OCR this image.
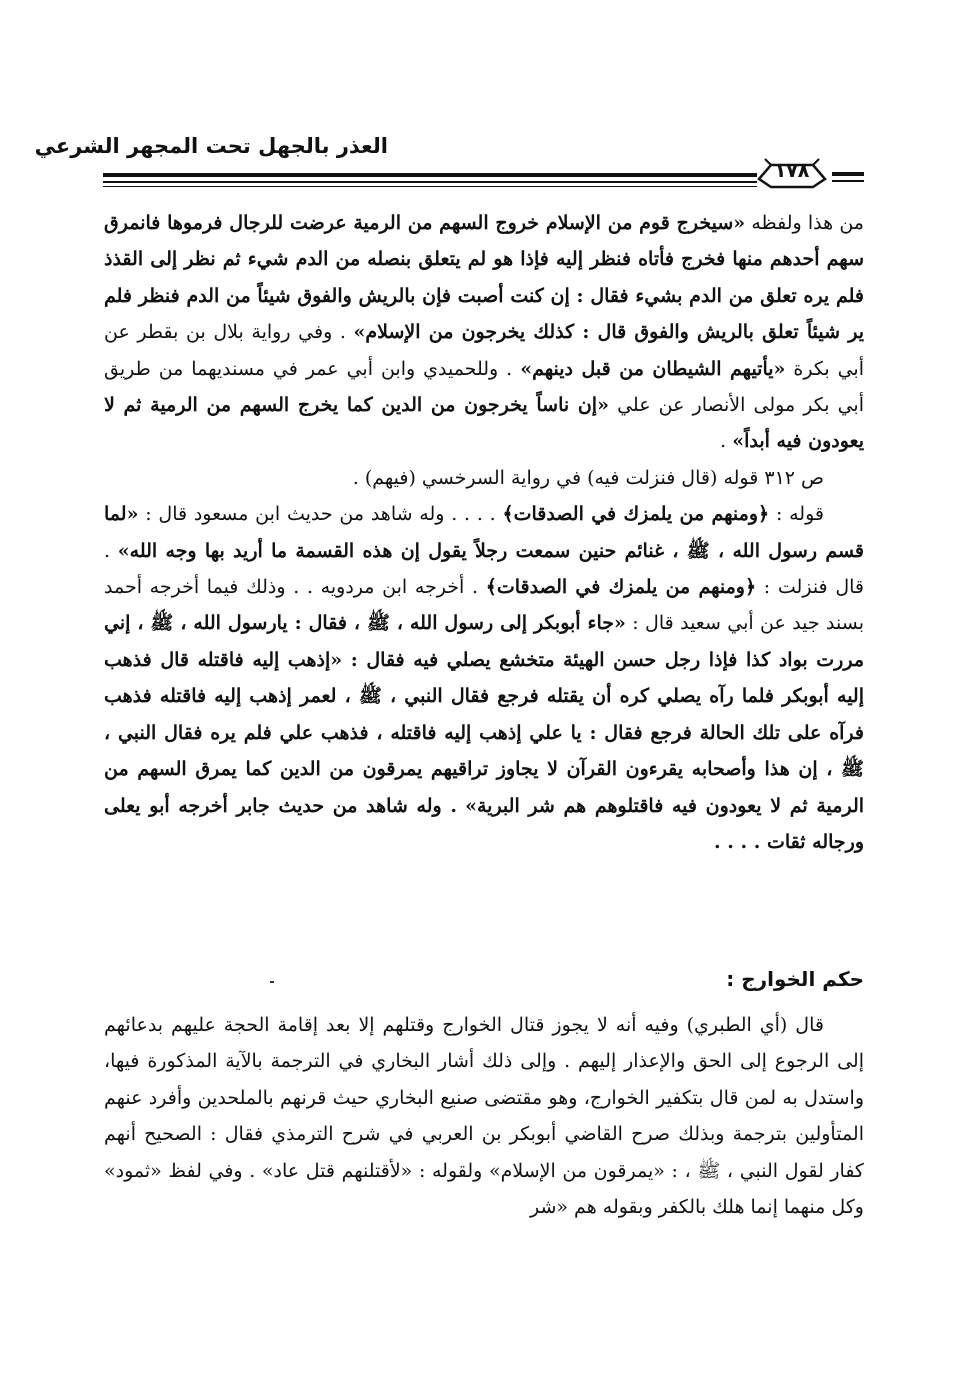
العذر بالجهل تحت المجهر الشرعي
١٧٨

من هذا ولفظه «سيخرج قوم من الإسلام خروج السهم من الرمية عرضت للرجال فرموها فانمرق سهم أحدهم منها فخرج فأتاه فنظر إليه فإذا هو لم يتعلق بنصله من الدم شيء ثم نظر إلى القذذ فلم يره تعلق من الدم بشيء فقال : إن كنت أصبت فإن بالريش والفوق شيئاً من الدم فنظر فلم ير شيئاً تعلق بالريش والفوق قال : كذلك يخرجون من الإسلام» . وفي رواية بلال بن بقطر عن أبي بكرة «يأتيهم الشيطان من قبل دينهم» . وللحميدي وابن أبي عمر في مسنديهما من طريق أبي بكر مولى الأنصار عن علي «إن ناساً يخرجون من الدين كما يخرج السهم من الرمية ثم لا يعودون فيه أبداً» .

ص ٣١٢ قوله (قال فنزلت فيه) في رواية السرخسي (فيهم) .

قوله : ﴿ومنهم من يلمزك في الصدقات﴾ . . . . وله شاهد من حديث ابن مسعود قال : «لما قسم رسول الله ، ﷺ ، غنائم حنين سمعت رجلاً يقول إن هذه القسمة ما أريد بها وجه الله» . قال فنزلت : ﴿ومنهم من يلمزك في الصدقات﴾ . أخرجه ابن مردويه . . وذلك فيما أخرجه أحمد بسند جيد عن أبي سعيد قال : «جاء أبوبكر إلى رسول الله ، ﷺ ، فقال : يارسول الله ، ﷺ ، إني مررت بواد كذا فإذا رجل حسن الهيئة متخشع يصلي فيه فقال : «إذهب إليه فاقتله قال فذهب إليه أبوبكر فلما رآه يصلي كره أن يقتله فرجع فقال النبي ، ﷺ ، لعمر إذهب إليه فاقتله فذهب فرآه على تلك الحالة فرجع فقال : يا علي إذهب إليه فاقتله ، فذهب علي فلم يره فقال النبي ، ﷺ ، إن هذا وأصحابه يقرءون القرآن لا يجاوز تراقيهم يمرقون من الدين كما يمرق السهم من الرمية ثم لا يعودون فيه فاقتلوهم هم شر البرية» . وله شاهد من حديث جابر أخرجه أبو يعلى ورجاله ثقات . . . .

حكم الخوارج :

قال (أي الطبري) وفيه أنه لا يجوز قتال الخوارج وقتلهم إلا بعد إقامة الحجة عليهم بدعائهم إلى الرجوع إلى الحق والإعذار إليهم . وإلى ذلك أشار البخاري في الترجمة بالآية المذكورة فيها، واستدل به لمن قال بتكفير الخوارج، وهو مقتضى صنيع البخاري حيث قرنهم بالملحدين وأفرد عنهم المتأولين بترجمة وبذلك صرح القاضي أبوبكر بن العربي في شرح الترمذي فقال : الصحيح أنهم كفار لقول النبي ، ﷺ ، : «يمرقون من الإسلام» ولقوله : «لأقتلنهم قتل عاد» . وفي لفظ «ثمود» وكل منهما إنما هلك بالكفر وبقوله هم «شر
